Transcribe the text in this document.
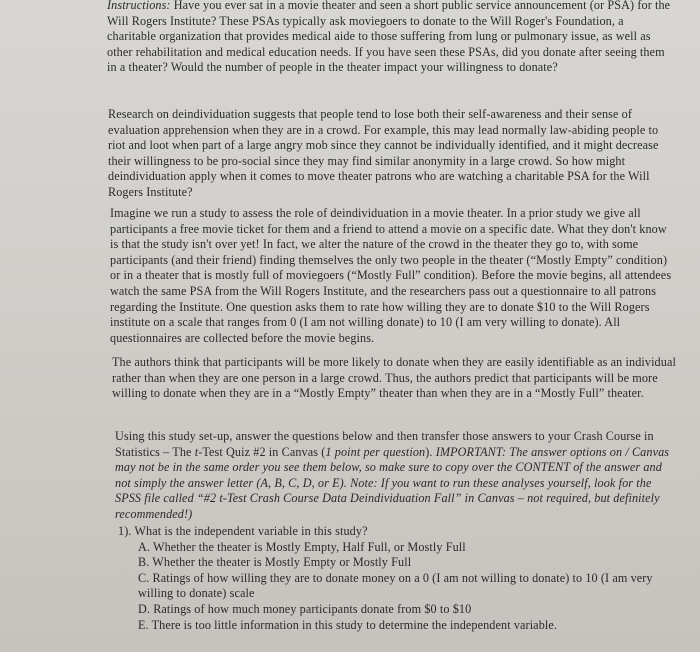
Instructions: Have you ever sat in a movie theater and seen a short public service announcement (or PSA) for the Will Rogers Institute? These PSAs typically ask moviegoers to donate to the Will Roger's Foundation, a charitable organization that provides medical aide to those suffering from lung or pulmonary issue, as well as other rehabilitation and medical education needs. If you have seen these PSAs, did you donate after seeing them in a theater? Would the number of people in the theater impact your willingness to donate?

Research on deindividuation suggests that people tend to lose both their self-awareness and their sense of evaluation apprehension when they are in a crowd. For example, this may lead normally law-abiding people to riot and loot when part of a large angry mob since they cannot be individually identified, and it might decrease their willingness to be pro-social since they may find similar anonymity in a large crowd. So how might deindividuation apply when it comes to move theater patrons who are watching a charitable PSA for the Will Rogers Institute?

Imagine we run a study to assess the role of deindividuation in a movie theater. In a prior study we give all participants a free movie ticket for them and a friend to attend a movie on a specific date. What they don't know is that the study isn't over yet! In fact, we alter the nature of the crowd in the theater they go to, with some participants (and their friend) finding themselves the only two people in the theater (“Mostly Empty” condition) or in a theater that is mostly full of moviegoers (“Mostly Full” condition). Before the movie begins, all attendees watch the same PSA from the Will Rogers Institute, and the researchers pass out a questionnaire to all patrons regarding the Institute. One question asks them to rate how willing they are to donate $10 to the Will Rogers institute on a scale that ranges from 0 (I am not willing donate) to 10 (I am very willing to donate). All questionnaires are collected before the movie begins.

The authors think that participants will be more likely to donate when they are easily identifiable as an individual rather than when they are one person in a large crowd. Thus, the authors predict that participants will be more willing to donate when they are in a “Mostly Empty” theater than when they are in a “Mostly Full” theater.

Using this study set-up, answer the questions below and then transfer those answers to your Crash Course in Statistics – The t-Test Quiz #2 in Canvas (1 point per question). IMPORTANT: The answer options on / Canvas may not be in the same order you see them below, so make sure to copy over the CONTENT of the answer and not simply the answer letter (A, B, C, D, or E). Note: If you want to run these analyses yourself, look for the SPSS file called “#2 t-Test Crash Course Data Deindividuation Fall” in Canvas – not required, but definitely recommended!)

1). What is the independent variable in this study?

A. Whether the theater is Mostly Empty, Half Full, or Mostly Full

B. Whether the theater is Mostly Empty or Mostly Full

C. Ratings of how willing they are to donate money on a 0 (I am not willing to donate) to 10 (I am very willing to donate) scale

D. Ratings of how much money participants donate from $0 to $10

E. There is too little information in this study to determine the independent variable.
